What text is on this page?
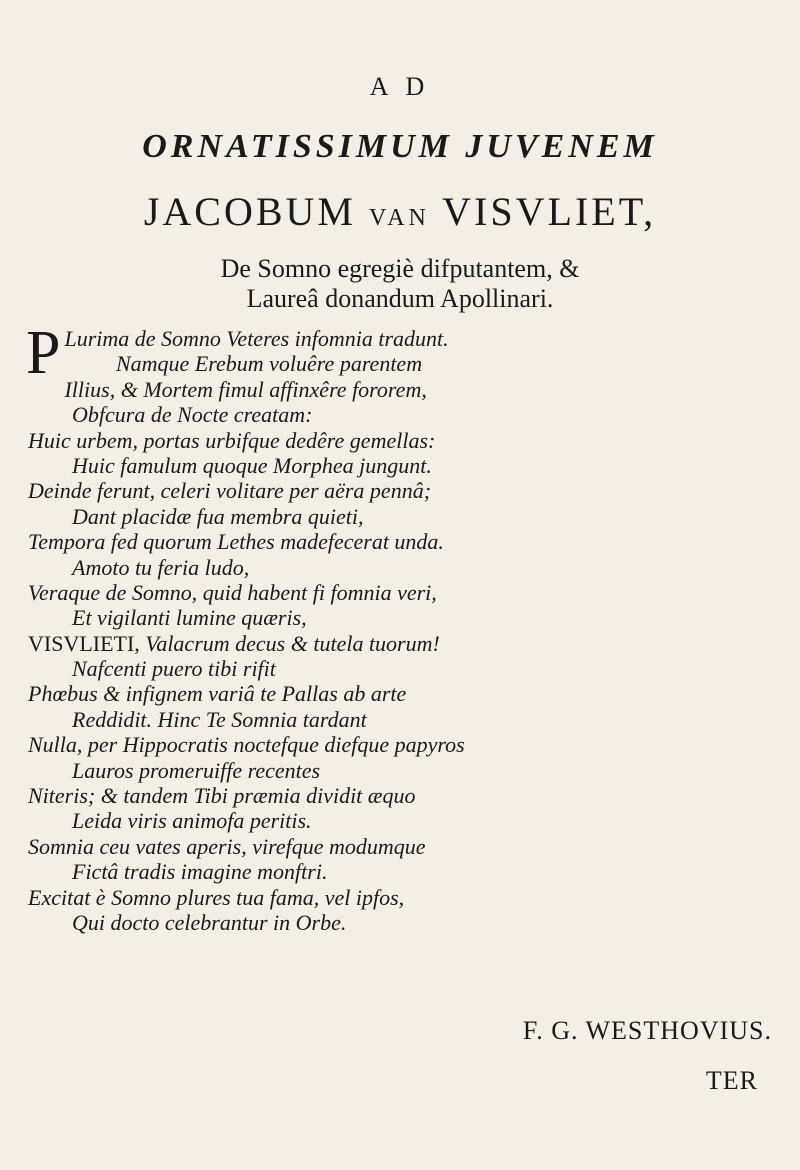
A D
ORNATISSIMUM JUVENEM
JACOBUM VAN VISVLIET,
De Somno egregiè difputantem, &
Laureâ donandum Apollinari.
P Lurima de Somno Veteres infomnia tradunt.
Namque Erebum voluêre parentem
Illius, & Mortem fimul affinxêre fororem,
Obfcura de Nocte creatam:
Huic urbem, portas urbifque dedêre gemellas:
Huic famulum quoque Morphea jungunt.
Deinde ferunt, celeri volitare per aëra pennâ;
Dant placidæ fua membra quieti,
Tempora fed quorum Lethes madefecerat unda.
Amoto tu feria ludo,
Veraque de Somno, quid habent fi fomnia veri,
Et vigilanti lumine quæris,
VISVLIETI, Valacrum decus & tutela tuorum!
Nafcenti puero tibi rifit
Phœbus & infignem variâ te Pallas ab arte
Reddidit. Hinc Te Somnia tardant
Nulla, per Hippocratis noctefque diefque papyros
Lauros promeruiffe recentes
Niteris; & tandem Tibi præmia dividit æquo
Leida viris animofa peritis.
Somnia ceu vates aperis, virefque modumque
Fictâ tradis imagine monftri.
Excitat è Somno plures tua fama, vel ipfos,
Qui docto celebrantur in Orbe.
F. G. WESTHOVIUS.
TER
